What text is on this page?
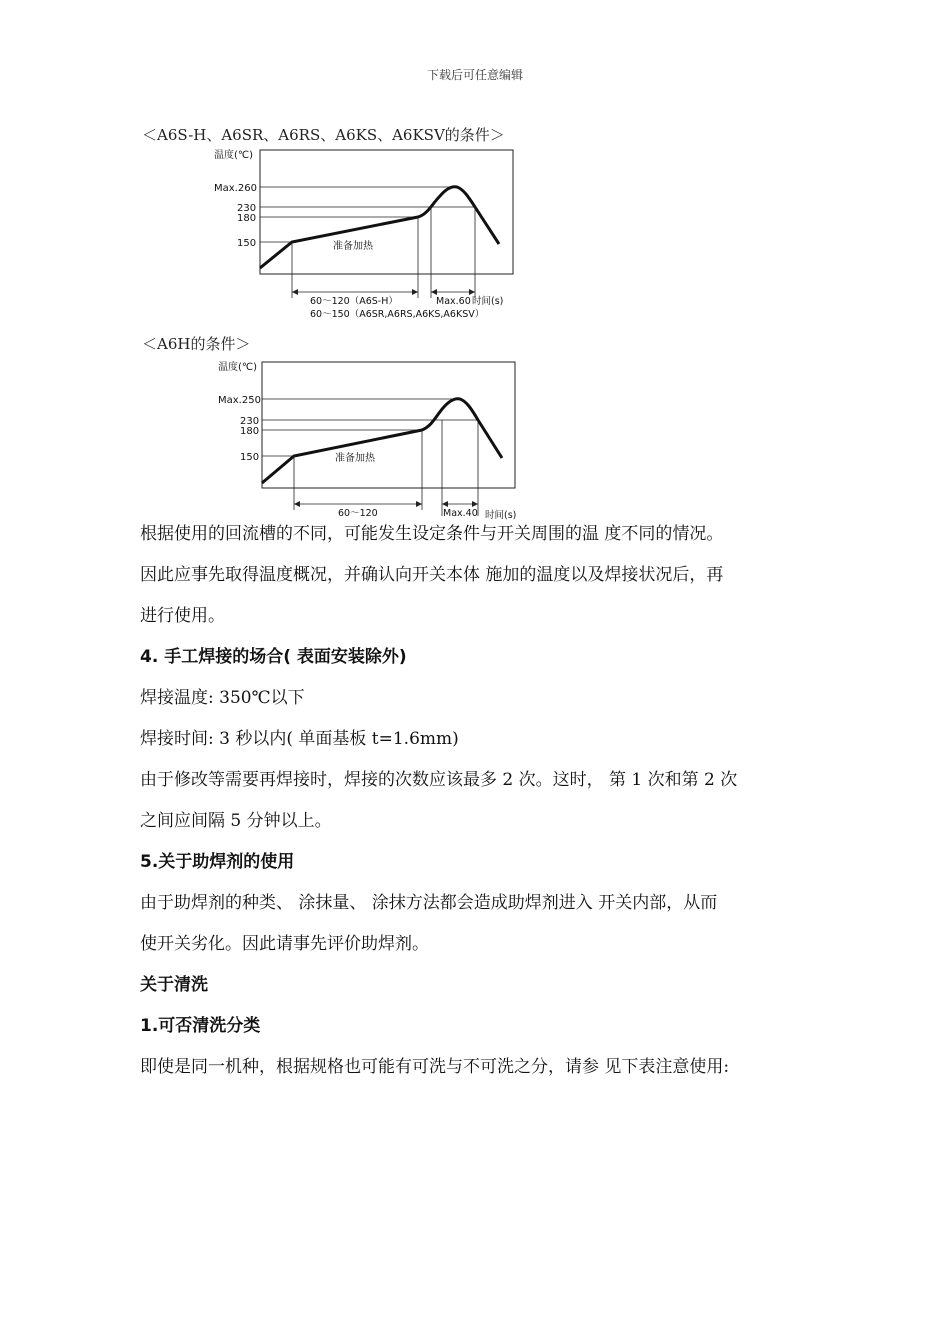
下载后可任意编辑
＜A6S-H、A6SR、A6RS、A6KS、A6KSV的条件＞
温度(℃)
Max.260
230
180
150	准备加热
60～120（A6S-H）
60～150（A6SR,A6RS,A6KS,A6KSV）
Max.60 时间(s)
＜A6H的条件＞
温度(℃)
Max.250
230
180
150	准备加热
60～120	Max.40 时间(s)

根据使用的回流槽的不同，可能发生设定条件与开关周围的温 度不同的情况。

因此应事先取得温度概况，并确认向开关本体 施加的温度以及焊接状况后，再

进行使用。

4. 手工焊接的场合( 表面安装除外)

焊接温度: 350℃以下

焊接时间: 3 秒以内( 单面基板 t=1.6mm)

由于修改等需要再焊接时，焊接的次数应该最多 2 次。这时， 第 1 次和第 2 次

之间应间隔 5 分钟以上。

5.关于助焊剂的使用

由于助焊剂的种类、 涂抹量、 涂抹方法都会造成助焊剂进入 开关内部，从而

使开关劣化。因此请事先评价助焊剂。

关于清洗

1.可否清洗分类

即使是同一机种，根据规格也可能有可洗与不可洗之分，请参 见下表注意使用:
